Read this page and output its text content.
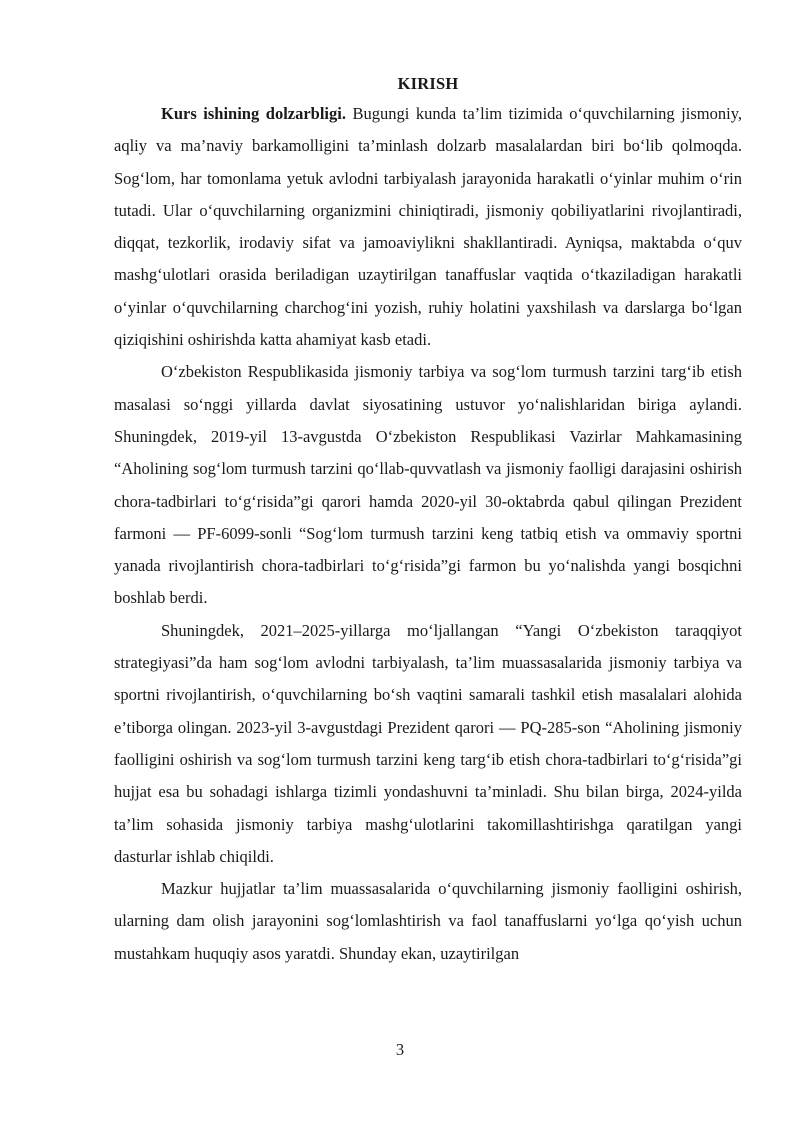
KIRISH

Kurs ishining dolzarbligi. Bugungi kunda ta’lim tizimida o‘quvchilarning jismoniy, aqliy va ma’naviy barkamolligini ta’minlash dolzarb masalalardan biri bo‘lib qolmoqda. Sog‘lom, har tomonlama yetuk avlodni tarbiyalash jarayonida harakatli o‘yinlar muhim o‘rin tutadi. Ular o‘quvchilarning organizmini chiniqtiradi, jismoniy qobiliyatlarini rivojlantiradi, diqqat, tezkorlik, irodaviy sifat va jamoaviylikni shakllantiradi. Ayniqsa, maktabda o‘quv mashg‘ulotlari orasida beriladigan uzaytirilgan tanaffuslar vaqtida o‘tkaziladigan harakatli o‘yinlar o‘quvchilarning charchog‘ini yozish, ruhiy holatini yaxshilash va darslarga bo‘lgan qiziqishini oshirishda katta ahamiyat kasb etadi.

O‘zbekiston Respublikasida jismoniy tarbiya va sog‘lom turmush tarzini targ‘ib etish masalasi so‘nggi yillarda davlat siyosatining ustuvor yo‘nalishlaridan biriga aylandi. Shuningdek, 2019-yil 13-avgustda O‘zbekiston Respublikasi Vazirlar Mahkamasining “Aholining sog‘lom turmush tarzini qo‘llab-quvvatlash va jismoniy faolligi darajasini oshirish chora-tadbirlari to‘g‘risida”gi qarori hamda 2020-yil 30-oktabrda qabul qilingan Prezident farmoni — PF-6099-sonli “Sog‘lom turmush tarzini keng tatbiq etish va ommaviy sportni yanada rivojlantirish chora-tadbirlari to‘g‘risida”gi farmon bu yo‘nalishda yangi bosqichni boshlab berdi.

Shuningdek, 2021–2025-yillarga mo‘ljallangan “Yangi O‘zbekiston taraqqiyot strategiyasi”da ham sog‘lom avlodni tarbiyalash, ta’lim muassasalarida jismoniy tarbiya va sportni rivojlantirish, o‘quvchilarning bo‘sh vaqtini samarali tashkil etish masalalari alohida e’tiborga olingan. 2023-yil 3-avgustdagi Prezident qarori — PQ-285-son “Aholining jismoniy faolligini oshirish va sog‘lom turmush tarzini keng targ‘ib etish chora-tadbirlari to‘g‘risida”gi hujjat esa bu sohadagi ishlarga tizimli yondashuvni ta’minladi. Shu bilan birga, 2024-yilda ta’lim sohasida jismoniy tarbiya mashg‘ulotlarini takomillashtirishga qaratilgan yangi dasturlar ishlab chiqildi.

Mazkur hujjatlar ta’lim muassasalarida o‘quvchilarning jismoniy faolligini oshirish, ularning dam olish jarayonini sog‘lomlashtirish va faol tanaffuslarni yo‘lga qo‘yish uchun mustahkam huquqiy asos yaratdi. Shunday ekan, uzaytirilgan

3
